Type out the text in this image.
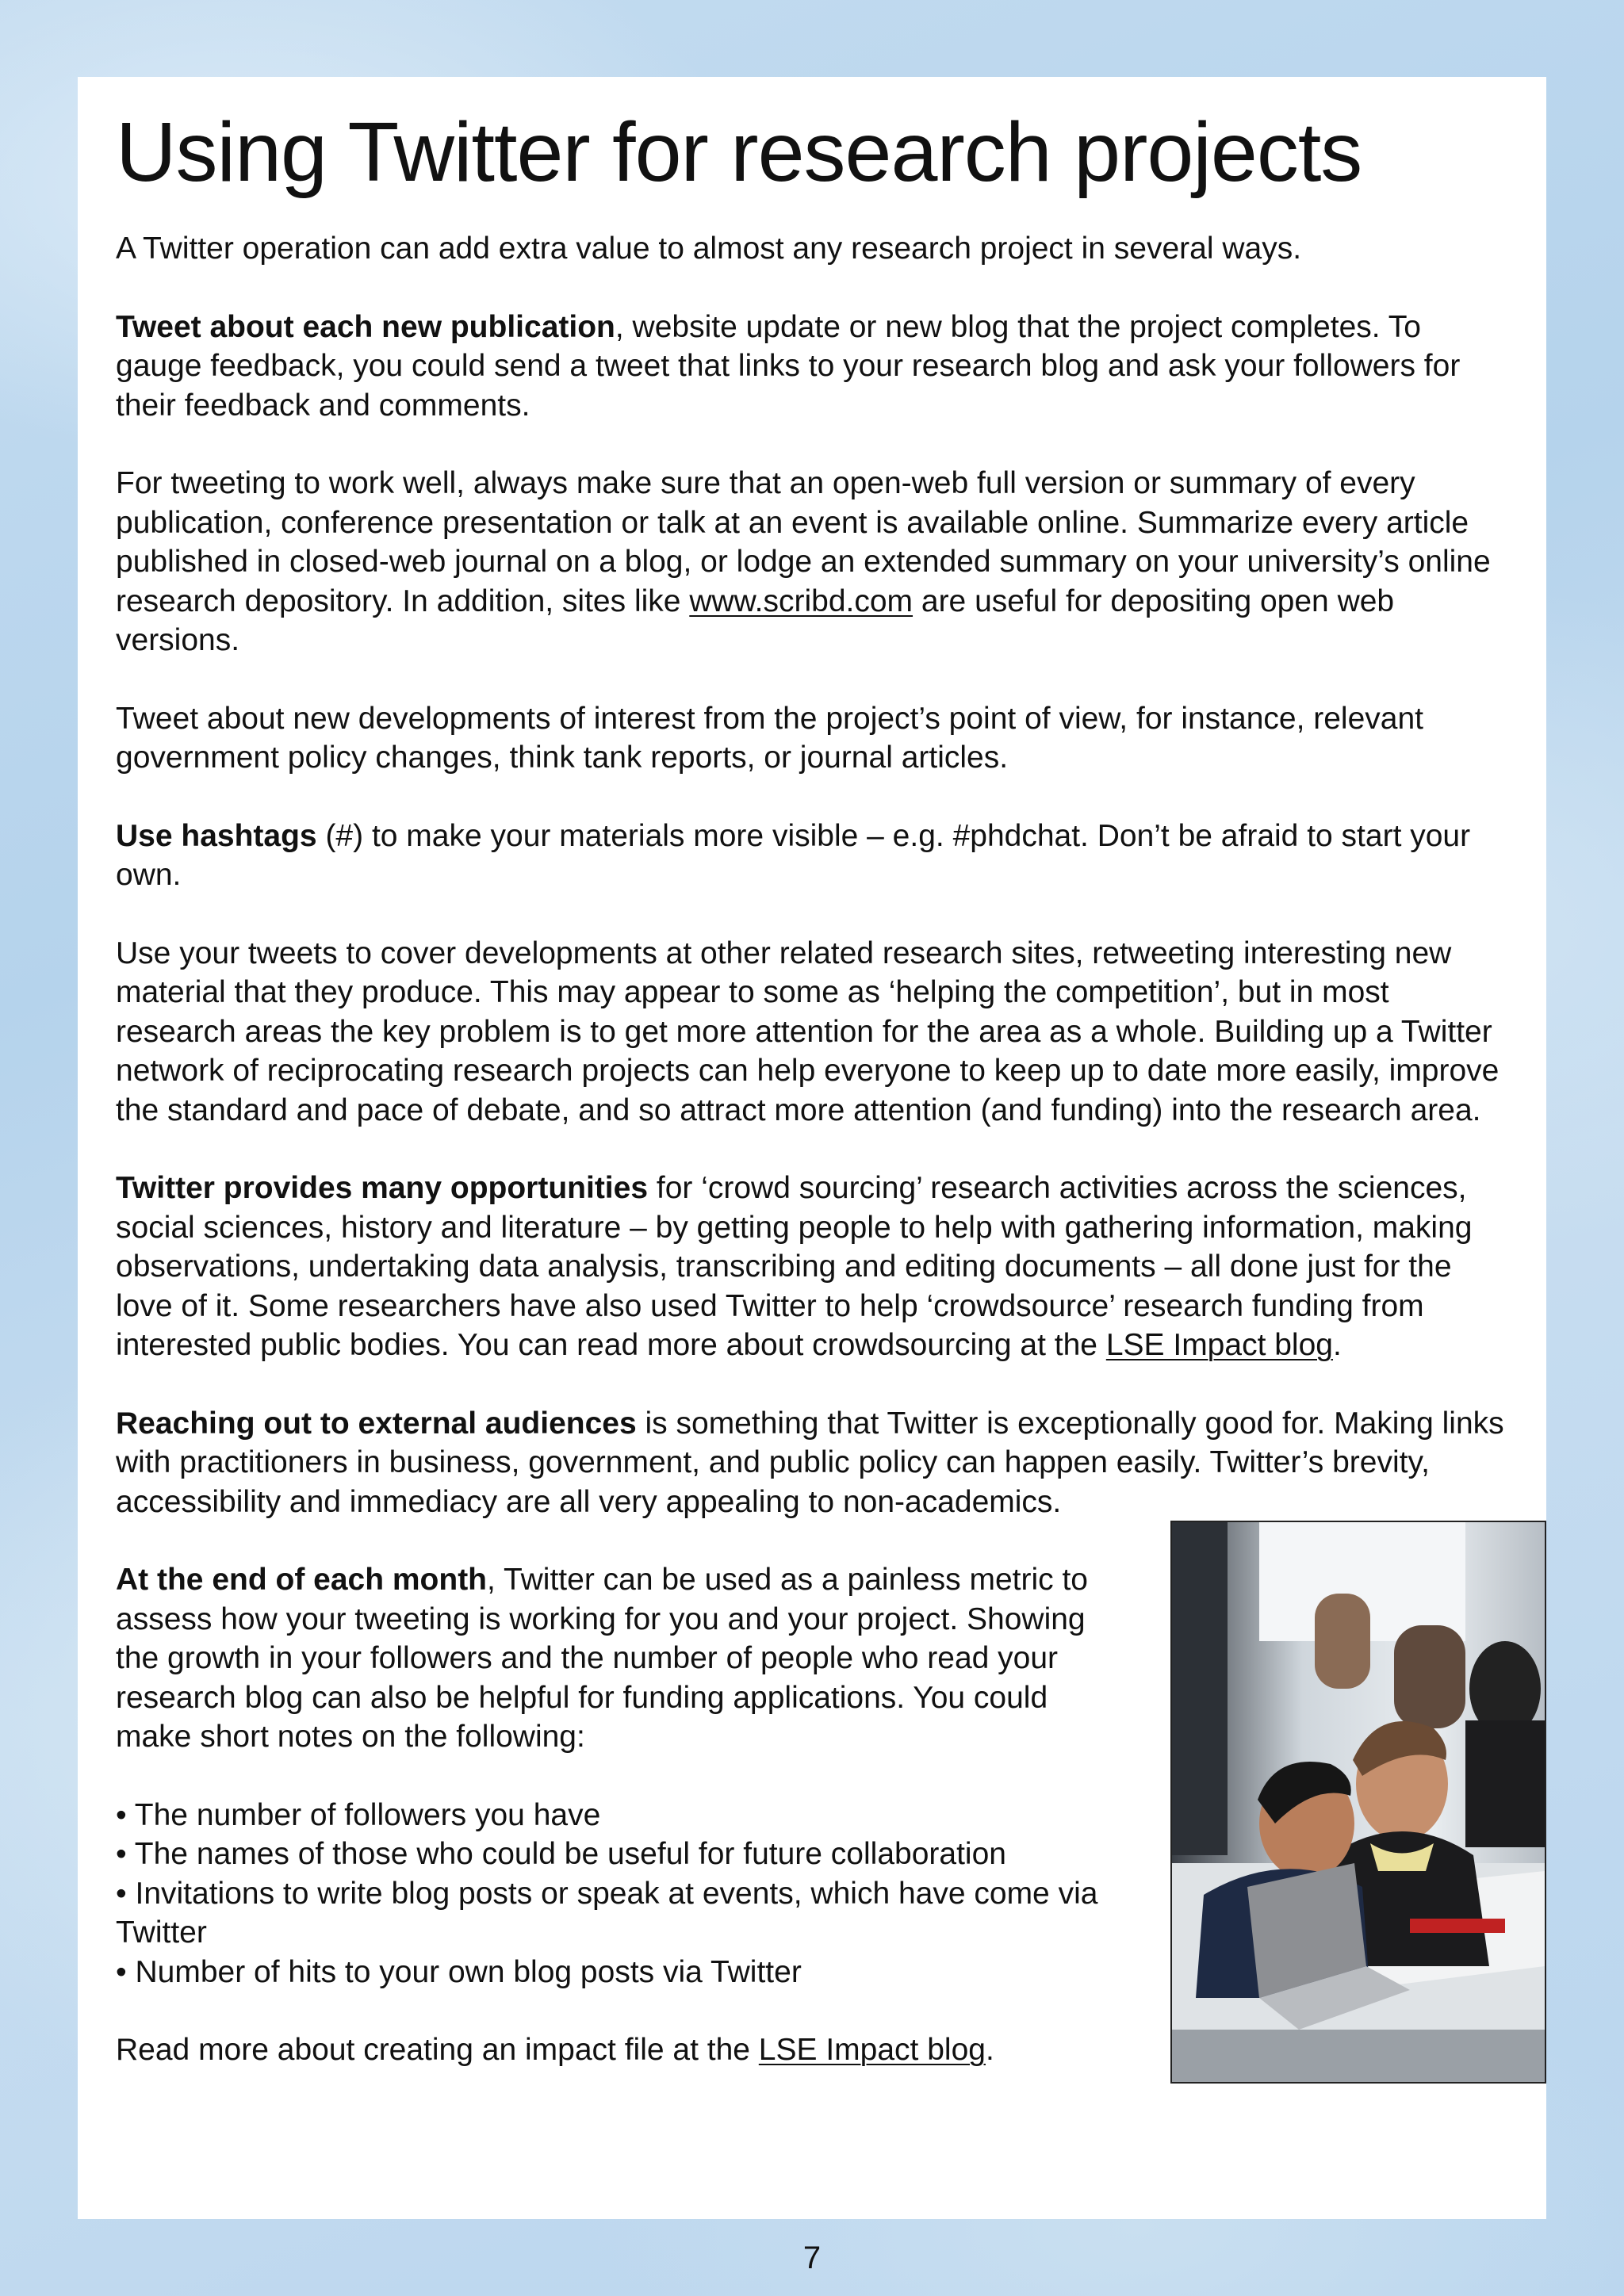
Using Twitter for research projects

A Twitter operation can add extra value to almost any research project in several ways.

Tweet about each new publication, website update or new blog that the project completes. To gauge feedback, you could send a tweet that links to your research blog and ask your followers for their feedback and comments.

For tweeting to work well, always make sure that an open-web full version or summary of every publication, conference presentation or talk at an event is available online. Summarize every article published in closed-web journal on a blog, or lodge an extended summary on your university’s online research depository. In addition, sites like www.scribd.com are useful for depositing open web versions.

Tweet about new developments of interest from the project’s point of view, for instance, relevant government policy changes, think tank reports, or journal articles.

Use hashtags (#) to make your materials more visible – e.g. #phdchat. Don’t be afraid to start your own.

Use your tweets to cover developments at other related research sites, retweeting interesting new material that they produce. This may appear to some as ‘helping the competition’, but in most research areas the key problem is to get more attention for the area as a whole. Building up a Twitter network of reciprocating research projects can help everyone to keep up to date more easily, improve the standard and pace of debate, and so attract more attention (and funding) into the research area.

Twitter provides many opportunities for ‘crowd sourcing’ research activities across the sciences, social sciences, history and literature – by getting people to help with gathering information, making observations, undertaking data analysis, transcribing and editing documents – all done just for the love of it. Some researchers have also used Twitter to help ‘crowdsource’ research funding from interested public bodies. You can read more about crowdsourcing at the LSE Impact blog.

Reaching out to external audiences is something that Twitter is exceptionally good for. Making links with practitioners in business, government, and public policy can happen easily. Twitter’s brevity, accessibility and immediacy are all very appealing to non-academics.

At the end of each month, Twitter can be used as a painless metric to assess how your tweeting is working for you and your project. Showing the growth in your followers and the number of people who read your research blog can also be helpful for funding applications. You could make short notes on the following:

• The number of followers you have
• The names of those who could be useful for future collaboration
• Invitations to write blog posts or speak at events, which have come via Twitter
• Number of hits to your own blog posts via Twitter

Read more about creating an impact file at the LSE Impact blog.

7
